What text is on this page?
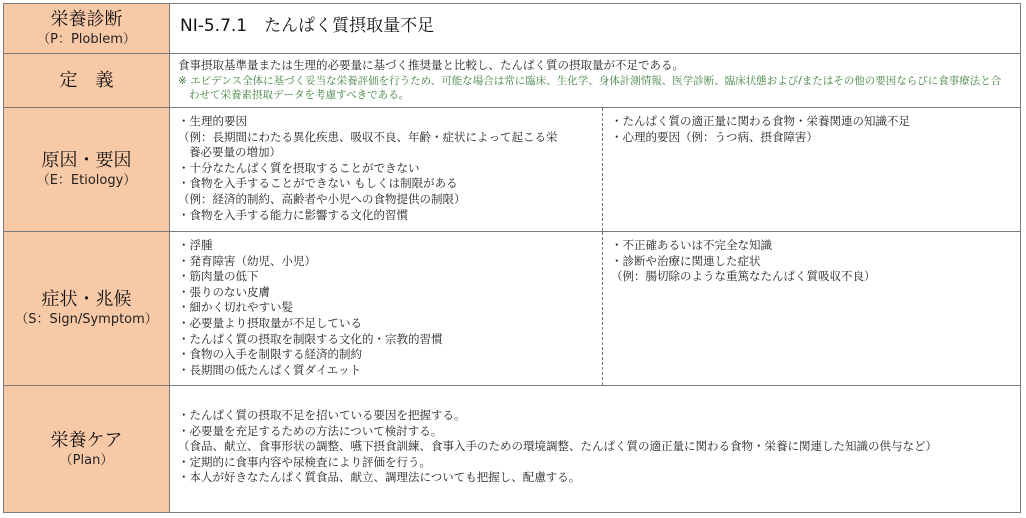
栄養診断
（P：Ploblem）
NI-5.7.1　たんぱく質摂取量不足
定　義
食事摂取基準量または生理的必要量に基づく推奨量と比較し、たんぱく質の摂取量が不足である。
※ エビデンス全体に基づく妥当な栄養評価を行うため、可能な場合は常に臨床、生化学、身体計測情報、医学診断、臨床状態および/またはその他の要因ならびに食事療法と合
わせて栄養素摂取データを考慮すべきである。
原因・要因
（E：Etiology）
・生理的要因
（例：長期間にわたる異化疾患、吸収不良、年齢・症状によって起こる栄
養必要量の増加）
・十分なたんぱく質を摂取することができない
・食物を入手することができない もしくは制限がある
（例：経済的制約、高齢者や小児への食物提供の制限）
・食物を入手する能力に影響する文化的習慣
・たんぱく質の適正量に関わる食物・栄養関連の知識不足
・心理的要因（例：うつ病、摂食障害）
症状・兆候
（S：Sign/Symptom）
・浮腫
・発育障害（幼児、小児）
・筋肉量の低下
・張りのない皮膚
・細かく切れやすい髪
・必要量より摂取量が不足している
・たんぱく質の摂取を制限する文化的・宗教的習慣
・食物の入手を制限する経済的制約
・長期間の低たんぱく質ダイエット
・不正確あるいは不完全な知識
・診断や治療に関連した症状
（例：腸切除のような重篤なたんぱく質吸収不良）
栄養ケア
（Plan）
・たんぱく質の摂取不足を招いている要因を把握する。
・必要量を充足するための方法について検討する。
（食品、献立、食事形状の調整、嚥下摂食訓練、食事入手のための環境調整、たんぱく質の適正量に関わる食物・栄養に関連した知識の供与など）
・定期的に食事内容や尿検査により評価を行う。
・本人が好きなたんぱく質食品、献立、調理法についても把握し、配慮する。
